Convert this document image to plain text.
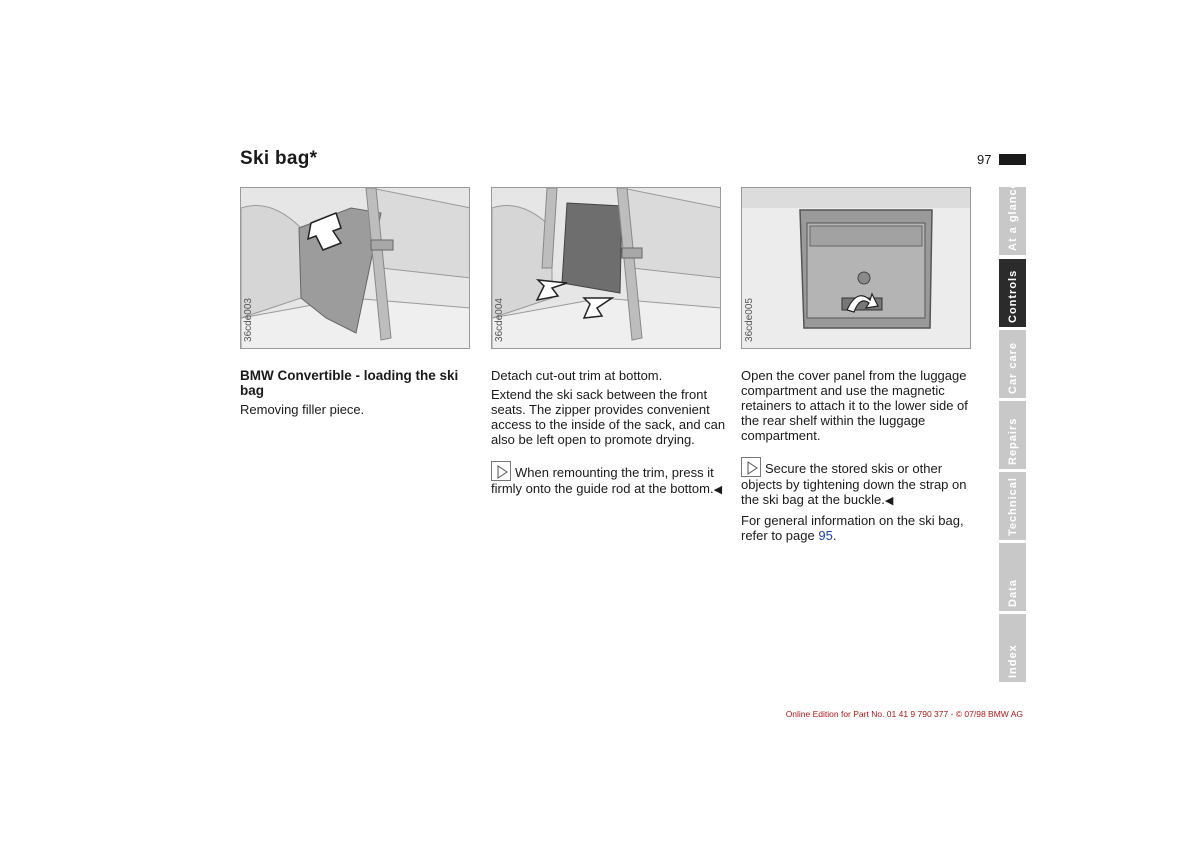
Ski bag*	97
36cde003	36cde004	36cde005
BMW Convertible - loading the ski bag

Removing filler piece.

Detach cut-out trim at bottom.

Extend the ski sack between the front seats. The zipper provides convenient access to the inside of the sack, and can also be left open to promote drying.

When remounting the trim, press it firmly onto the guide rod at the bottom.◀

Open the cover panel from the luggage compartment and use the magnetic retainers to attach it to the lower side of the rear shelf within the luggage compartment.

Secure the stored skis or other objects by tightening down the strap on the ski bag at the buckle.◀

For general information on the ski bag, refer to page 95.

At a glance
Controls
Car care
Repairs
Technical
Data
Index
Online Edition for Part No. 01 41 9 790 377 - © 07/98 BMW AG
